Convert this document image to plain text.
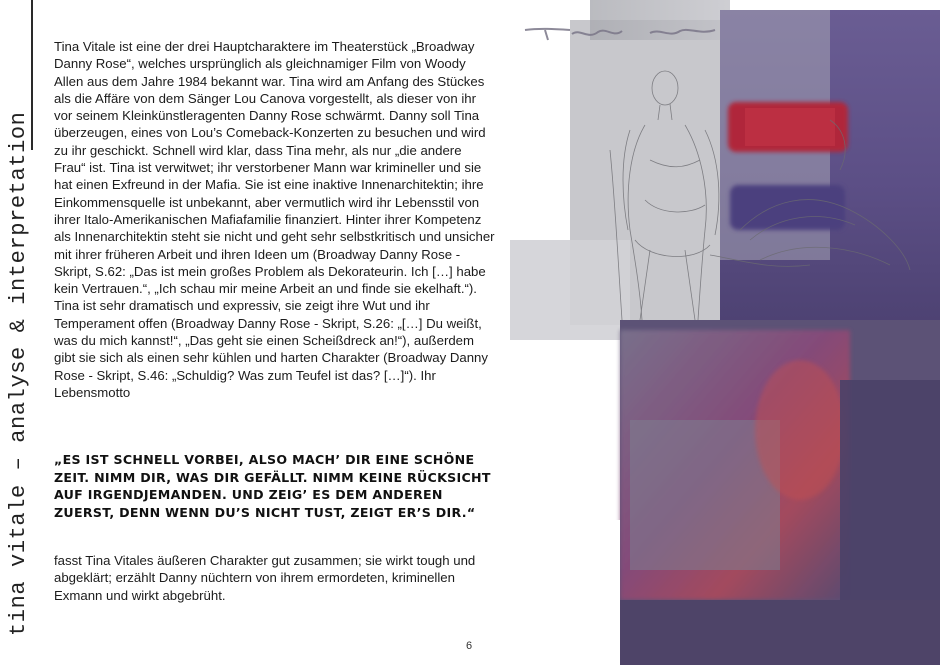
tina vitale – analyse & interpretation

Tina Vitale ist eine der drei Hauptcharaktere im Theaterstück „Broadway Danny Rose“, welches ursprünglich als gleichnamiger Film von Woody Allen aus dem Jahre 1984 bekannt war. Tina wird am Anfang des Stückes als die Affäre von dem Sänger Lou Canova vorgestellt, als dieser von ihr vor seinem Kleinkünstleragenten Danny Rose schwärmt. Danny soll Tina überzeugen, eines von Lou’s Comeback-Konzerten zu besuchen und wird zu ihr geschickt. Schnell wird klar, dass Tina mehr, als nur „die andere Frau“ ist. Tina ist verwitwet; ihr verstorbener Mann war krimineller und sie hat einen Exfreund in der Mafia. Sie ist eine inaktive Innenarchitektin; ihre Einkommensquelle ist unbekannt, aber vermutlich wird ihr Lebensstil von ihrer Italo-Amerikanischen Mafiafamilie finanziert. Hinter ihrer Kompetenz als Innenarchitektin steht sie nicht und geht sehr selbstkritisch und unsicher mit ihrer früheren Arbeit und ihren Ideen um (Broadway Danny Rose - Skript, S.62: „Das ist mein großes Problem als Dekorateurin. Ich […] habe kein Vertrauen.“, „Ich schau mir meine Arbeit an und finde sie ekelhaft.“).
Tina ist sehr dramatisch und expressiv, sie zeigt ihre Wut und ihr Temperament offen (Broadway Danny Rose - Skript, S.26: „[…] Du weißt, was du mich kannst!“, „Das geht sie einen Scheißdreck an!“), außerdem gibt sie sich als einen sehr kühlen und harten Charakter (Broadway Danny Rose - Skript, S.46: „Schuldig? Was zum Teufel ist das? […]“). Ihr Lebensmotto

„ES IST SCHNELL VORBEI, ALSO MACH’ DIR EINE SCHÖNE ZEIT. NIMM DIR, WAS DIR GEFÄLLT. NIMM KEINE RÜCKSICHT AUF IRGENDJEMANDEN. UND ZEIG’ ES DEM ANDEREN ZUERST, DENN WENN DU’S NICHT TUST, ZEIGT ER’S DIR.“

fasst Tina Vitales äußeren Charakter gut zusammen; sie wirkt tough und abgeklärt; erzählt Danny nüchtern von ihrem ermordeten, kriminellen Exmann und wirkt abgebrüht.

6
